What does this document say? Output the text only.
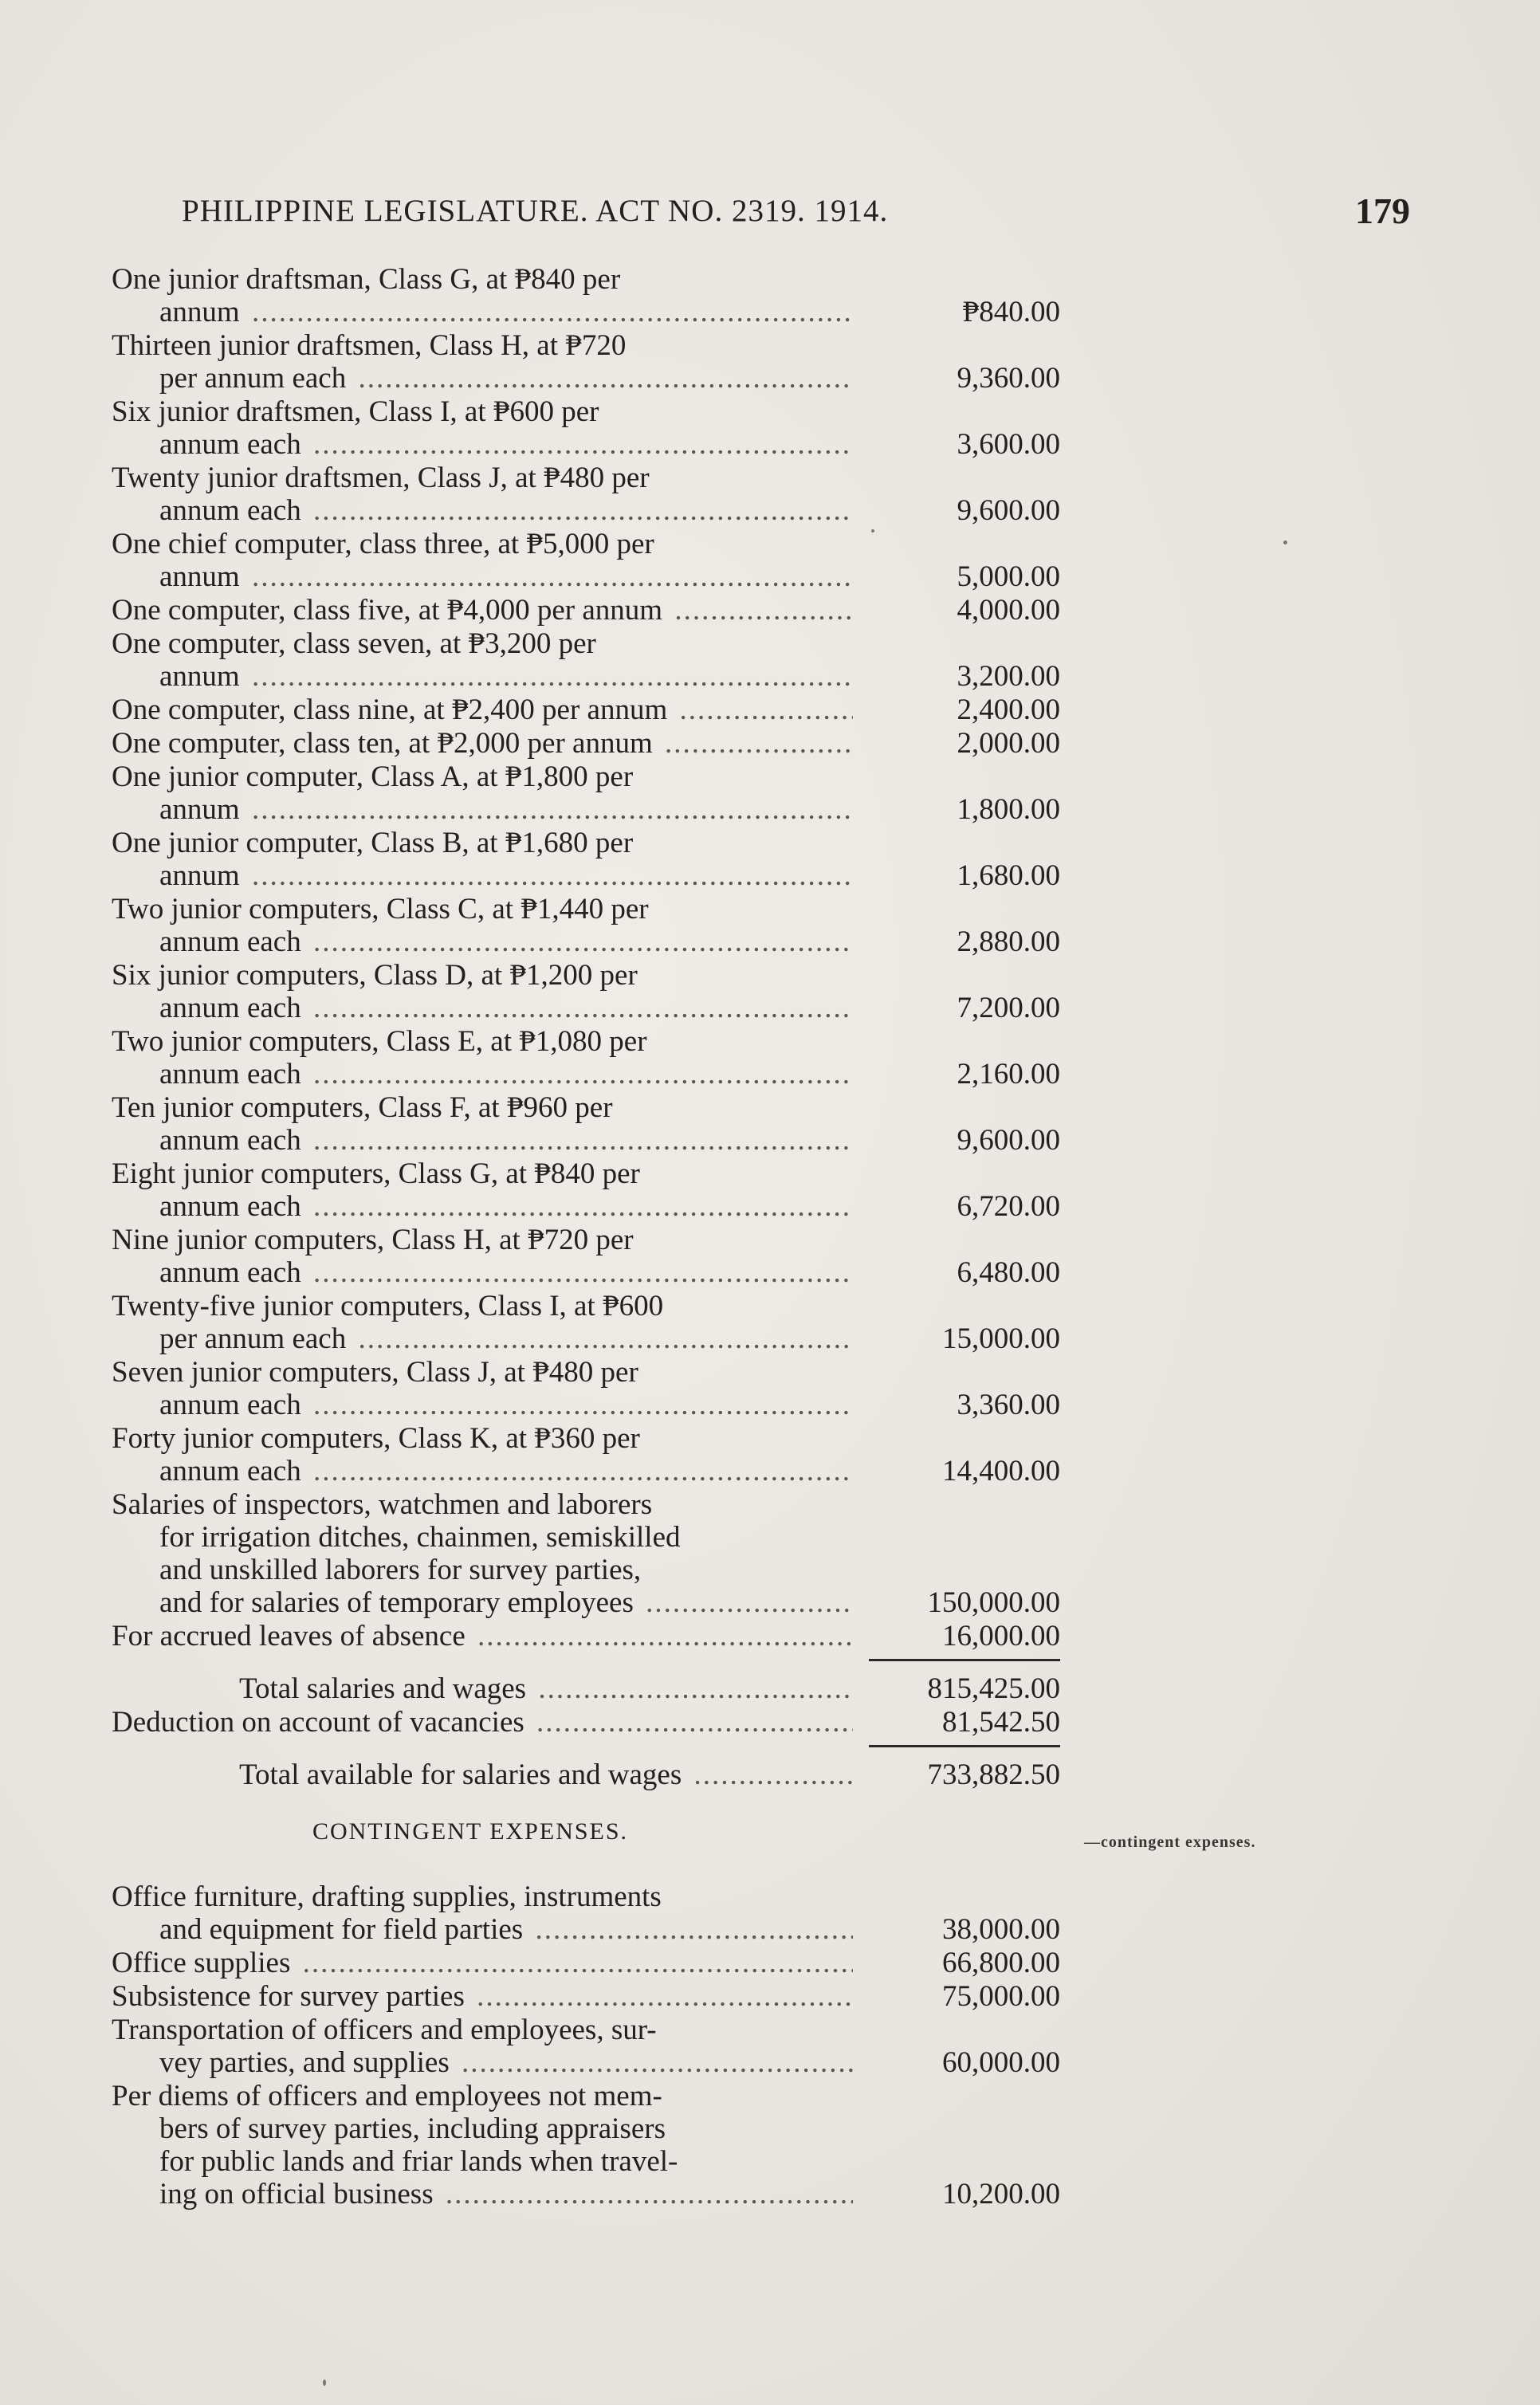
PHILIPPINE LEGISLATURE. ACT NO. 2319. 1914.	179
One junior draftsman, Class G, at ₱840 per
annum .....	₱840.00
Thirteen junior draftsmen, Class H, at ₱720
per annum each .....	9,360.00
Six junior draftsmen, Class I, at ₱600 per
annum each .....	3,600.00
Twenty junior draftsmen, Class J, at ₱480 per
annum each .....	9,600.00
One chief computer, class three, at ₱5,000 per
annum .....	5,000.00
One computer, class five, at ₱4,000 per annum .....	4,000.00
One computer, class seven, at ₱3,200 per
annum .....	3,200.00
One computer, class nine, at ₱2,400 per annum .....	2,400.00
One computer, class ten, at ₱2,000 per annum .....	2,000.00
One junior computer, Class A, at ₱1,800 per
annum .....	1,800.00
One junior computer, Class B, at ₱1,680 per
annum .....	1,680.00
Two junior computers, Class C, at ₱1,440 per
annum each .....	2,880.00
Six junior computers, Class D, at ₱1,200 per
annum each .....	7,200.00
Two junior computers, Class E, at ₱1,080 per
annum each .....	2,160.00
Ten junior computers, Class F, at ₱960 per
annum each .....	9,600.00
Eight junior computers, Class G, at ₱840 per
annum each .....	6,720.00
Nine junior computers, Class H, at ₱720 per
annum each .....	6,480.00
Twenty-five junior computers, Class I, at ₱600
per annum each .....	15,000.00
Seven junior computers, Class J, at ₱480 per
annum each .....	3,360.00
Forty junior computers, Class K, at ₱360 per
annum each .....	14,400.00
Salaries of inspectors, watchmen and laborers
for irrigation ditches, chainmen, semiskilled
and unskilled laborers for survey parties,
and for salaries of temporary employees .....	150,000.00
For accrued leaves of absence .....	16,000.00
Total salaries and wages .....	815,425.00
Deduction on account of vacancies .....	81,542.50
Total available for salaries and wages .....	733,882.50
CONTINGENT EXPENSES.
Office furniture, drafting supplies, instruments
and equipment for field parties .....	38,000.00
Office supplies .....	66,800.00
Subsistence for survey parties .....	75,000.00
Transportation of officers and employees, sur-
vey parties, and supplies .....	60,000.00
Per diems of officers and employees not mem-
bers of survey parties, including appraisers
for public lands and friar lands when travel-
ing on official business .....	10,200.00
—contingent expenses.
